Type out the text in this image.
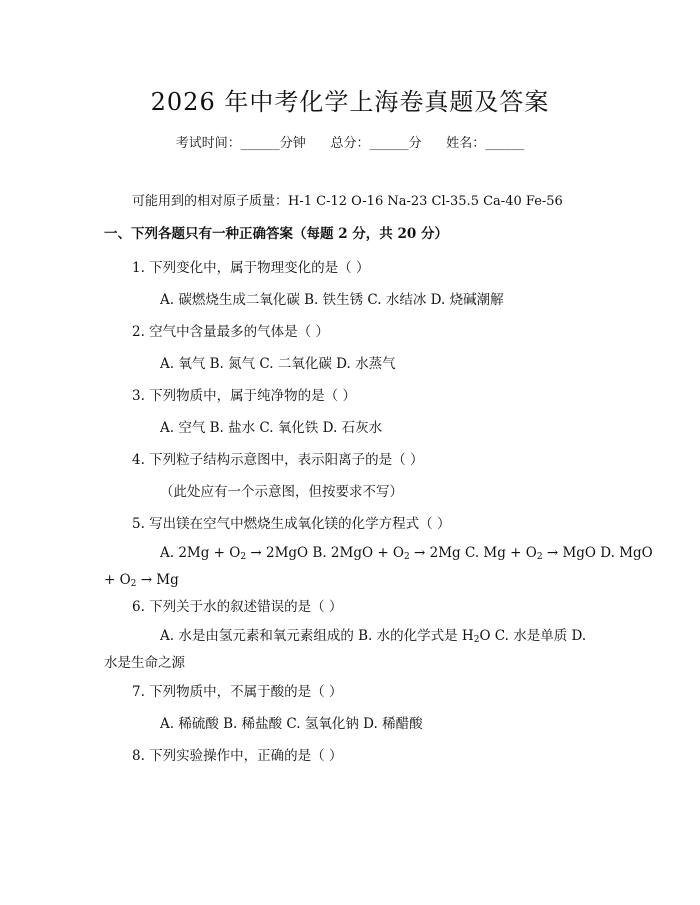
2026 年中考化学上海卷真题及答案
考试时间：______分钟      总分：______分      姓名：______
可能用到的相对原子质量：H-1 C-12 O-16 Na-23 Cl-35.5 Ca-40 Fe-56
一、下列各题只有一种正确答案（每题 2 分，共 20 分）
1. 下列变化中，属于物理变化的是（ ）
A. 碳燃烧生成二氧化碳 B. 铁生锈 C. 水结冰 D. 烧碱潮解
2. 空气中含量最多的气体是（ ）
A. 氧气 B. 氮气 C. 二氧化碳 D. 水蒸气
3. 下列物质中，属于纯净物的是（ ）
A. 空气 B. 盐水 C. 氧化铁 D. 石灰水
4. 下列粒子结构示意图中，表示阳离子的是（ ）
（此处应有一个示意图，但按要求不写）
5. 写出镁在空气中燃烧生成氧化镁的化学方程式（ ）
A. $2Mg + O_2 \to 2MgO$ B. $2MgO + O_2 \to 2Mg$ C. $Mg + O_2$ → MgO D. MgO
+ $O_2 \to Mg$
6. 下列关于水的叙述错误的是（ ）
A. 水是由氢元素和氧元素组成的 B. 水的化学式是 $H_2O$ C. 水是单质 D.
水是生命之源
7. 下列物质中，不属于酸的是（ ）
A. 稀硫酸 B. 稀盐酸 C. 氢氧化钠 D. 稀醋酸
8. 下列实验操作中，正确的是（ ）
